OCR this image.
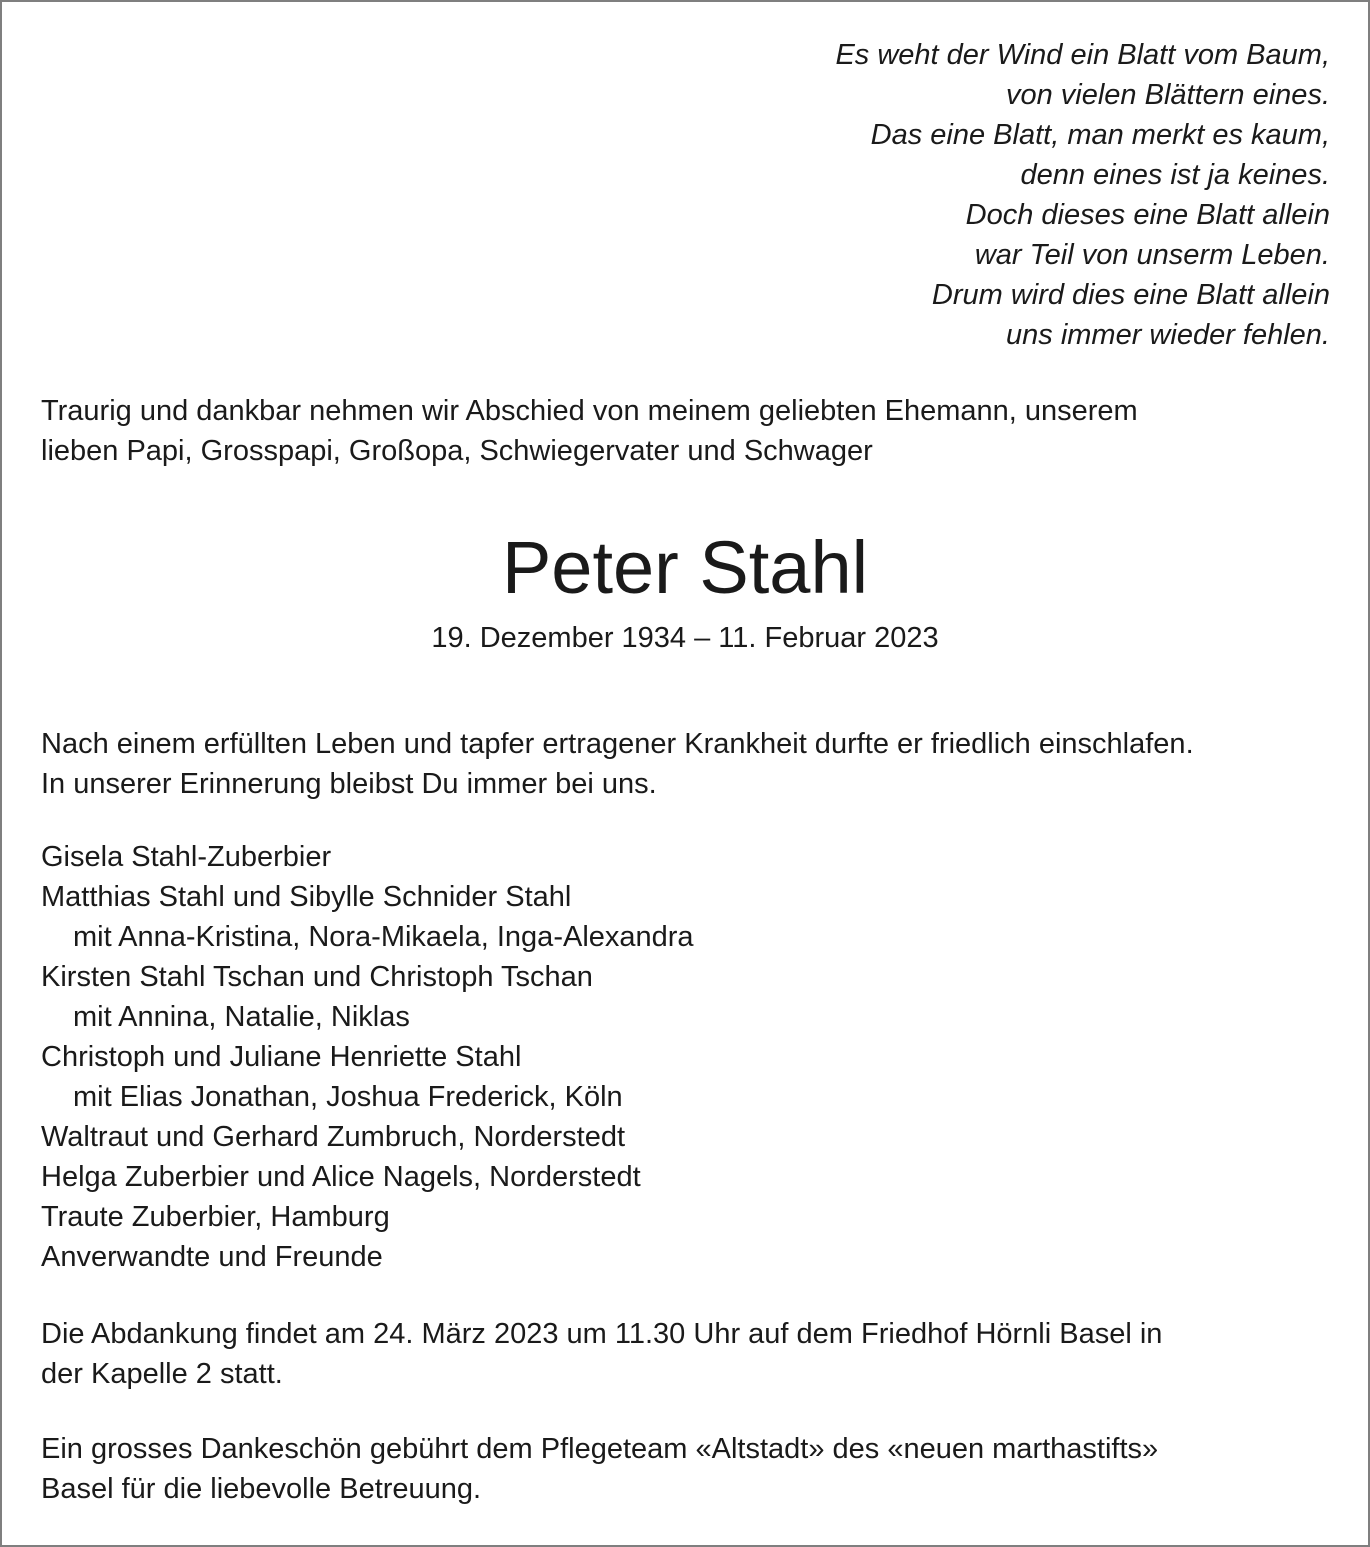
Es weht der Wind ein Blatt vom Baum,
von vielen Blättern eines.
Das eine Blatt, man merkt es kaum,
denn eines ist ja keines.
Doch dieses eine Blatt allein
war Teil von unserm Leben.
Drum wird dies eine Blatt allein
uns immer wieder fehlen.
Traurig und dankbar nehmen wir Abschied von meinem geliebten Ehemann, unserem
lieben Papi, Grosspapi, Großopa, Schwiegervater und Schwager
Peter Stahl
19. Dezember 1934 – 11. Februar 2023
Nach einem erfüllten Leben und tapfer ertragener Krankheit durfte er friedlich einschlafen.
In unserer Erinnerung bleibst Du immer bei uns.
Gisela Stahl-Zuberbier
Matthias Stahl und Sibylle Schnider Stahl
mit Anna-Kristina, Nora-Mikaela, Inga-Alexandra
Kirsten Stahl Tschan und Christoph Tschan
mit Annina, Natalie, Niklas
Christoph und Juliane Henriette Stahl
mit Elias Jonathan, Joshua Frederick, Köln
Waltraut und Gerhard Zumbruch, Norderstedt
Helga Zuberbier und Alice Nagels, Norderstedt
Traute Zuberbier, Hamburg
Anverwandte und Freunde
Die Abdankung findet am 24. März 2023 um 11.30 Uhr auf dem Friedhof Hörnli Basel in
der Kapelle 2 statt.
Ein grosses Dankeschön gebührt dem Pflegeteam «Altstadt» des «neuen marthastifts»
Basel für die liebevolle Betreuung.
